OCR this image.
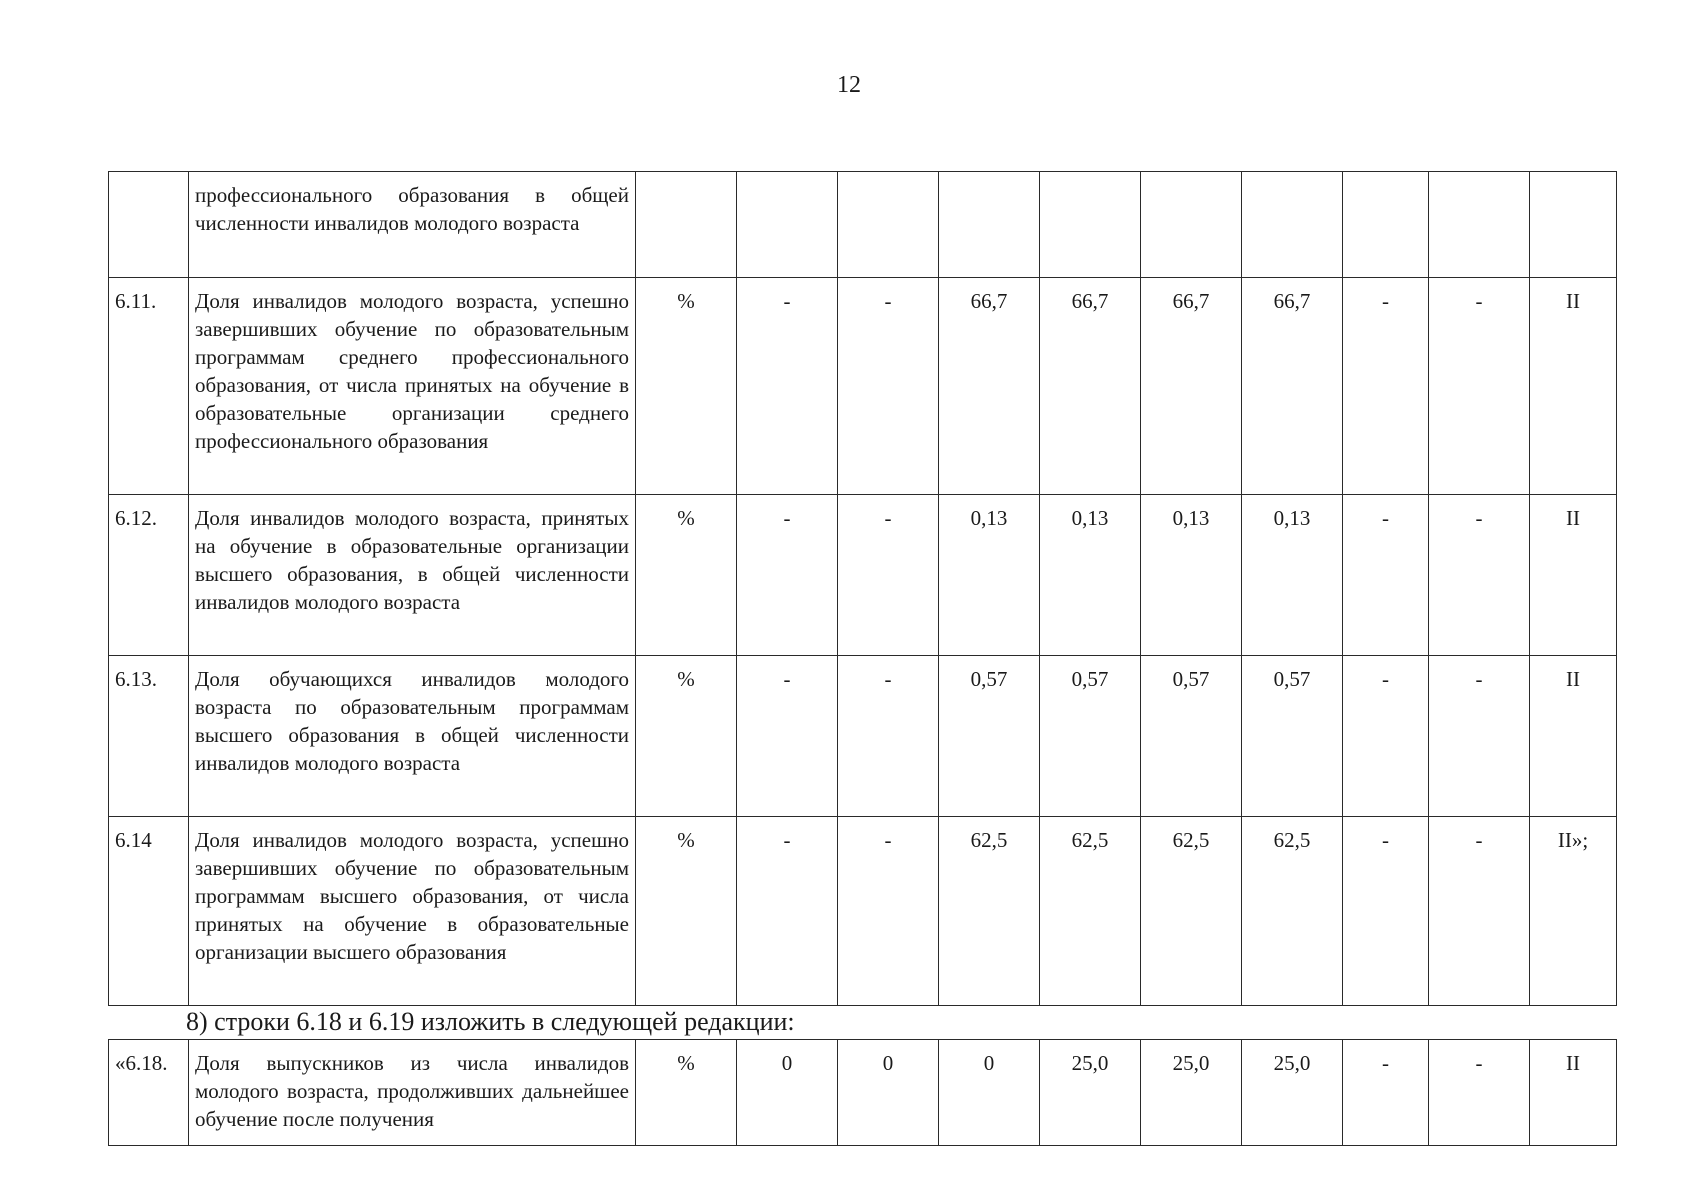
12
	профессионального образования в общей численности инвалидов молодого возраста										
6.11.	Доля инвалидов молодого возраста, успешно завершивших обучение по образовательным программам среднего профессионального образования, от числа принятых на обучение в образовательные организации среднего профессионального образования	%	-	-	66,7	66,7	66,7	66,7	-	-	II
6.12.	Доля инвалидов молодого возраста, принятых на обучение в образовательные организации высшего образования, в общей численности инвалидов молодого возраста	%	-	-	0,13	0,13	0,13	0,13	-	-	II
6.13.	Доля обучающихся инвалидов молодого возраста по образовательным программам высшего образования в общей численности инвалидов молодого возраста	%	-	-	0,57	0,57	0,57	0,57	-	-	II
6.14	Доля инвалидов молодого возраста, успешно завершивших обучение по образовательным программам высшего образования, от числа принятых на обучение в образовательные организации высшего образования	%	-	-	62,5	62,5	62,5	62,5	-	-	II»;
8) строки 6.18 и 6.19 изложить в следующей редакции:
«6.18.	Доля выпускников из числа инвалидов молодого возраста, продолживших дальнейшее обучение после получения	%	0	0	0	25,0	25,0	25,0	-	-	II
